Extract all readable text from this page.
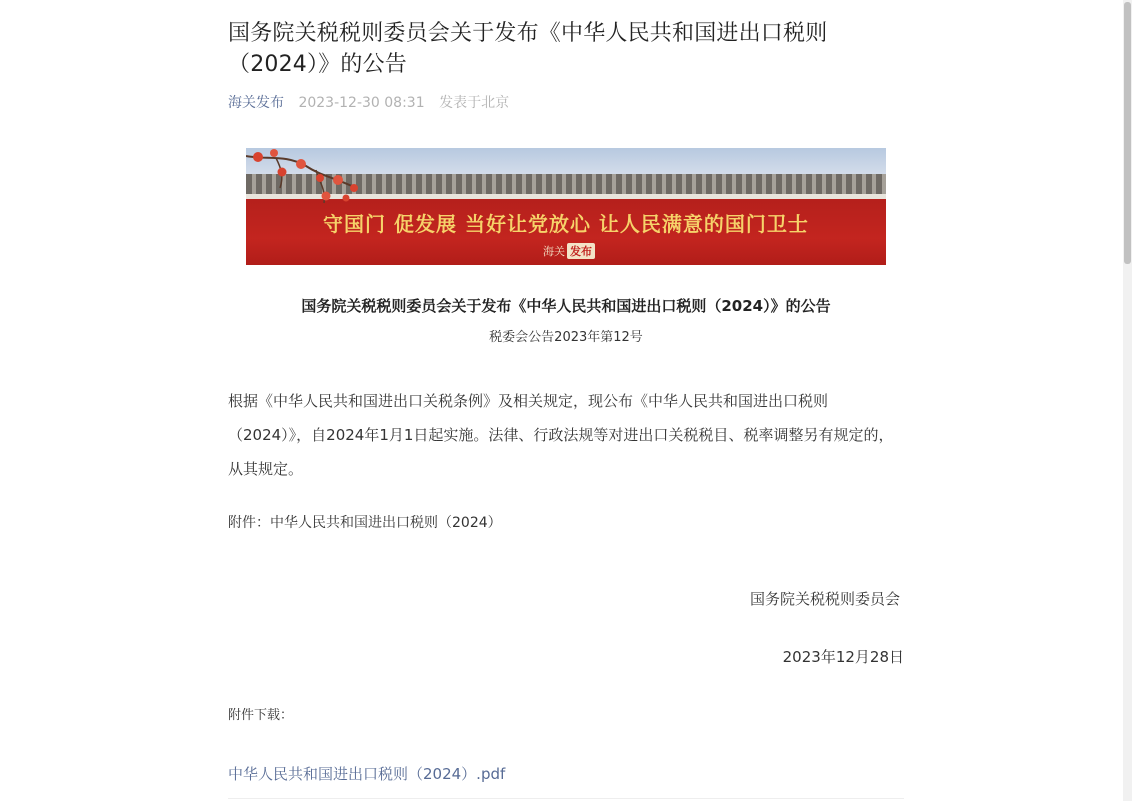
国务院关税税则委员会关于发布《中华人民共和国进出口税则（2024）》的公告
海关发布 2023-12-30 08:31 发表于北京
守国门 促发展 当好让党放心 让人民满意的国门卫士
海关 发布
国务院关税税则委员会关于发布《中华人民共和国进出口税则（2024）》的公告
税委会公告2023年第12号

根据《中华人民共和国进出口关税条例》及相关规定，现公布《中华人民共和国进出口税则（2024）》，自2024年1月1日起实施。法律、行政法规等对进出口关税税目、税率调整另有规定的，从其规定。

附件：中华人民共和国进出口税则（2024）
国务院关税税则委员会
2023年12月28日
附件下载：
中华人民共和国进出口税则（2024）.pdf
